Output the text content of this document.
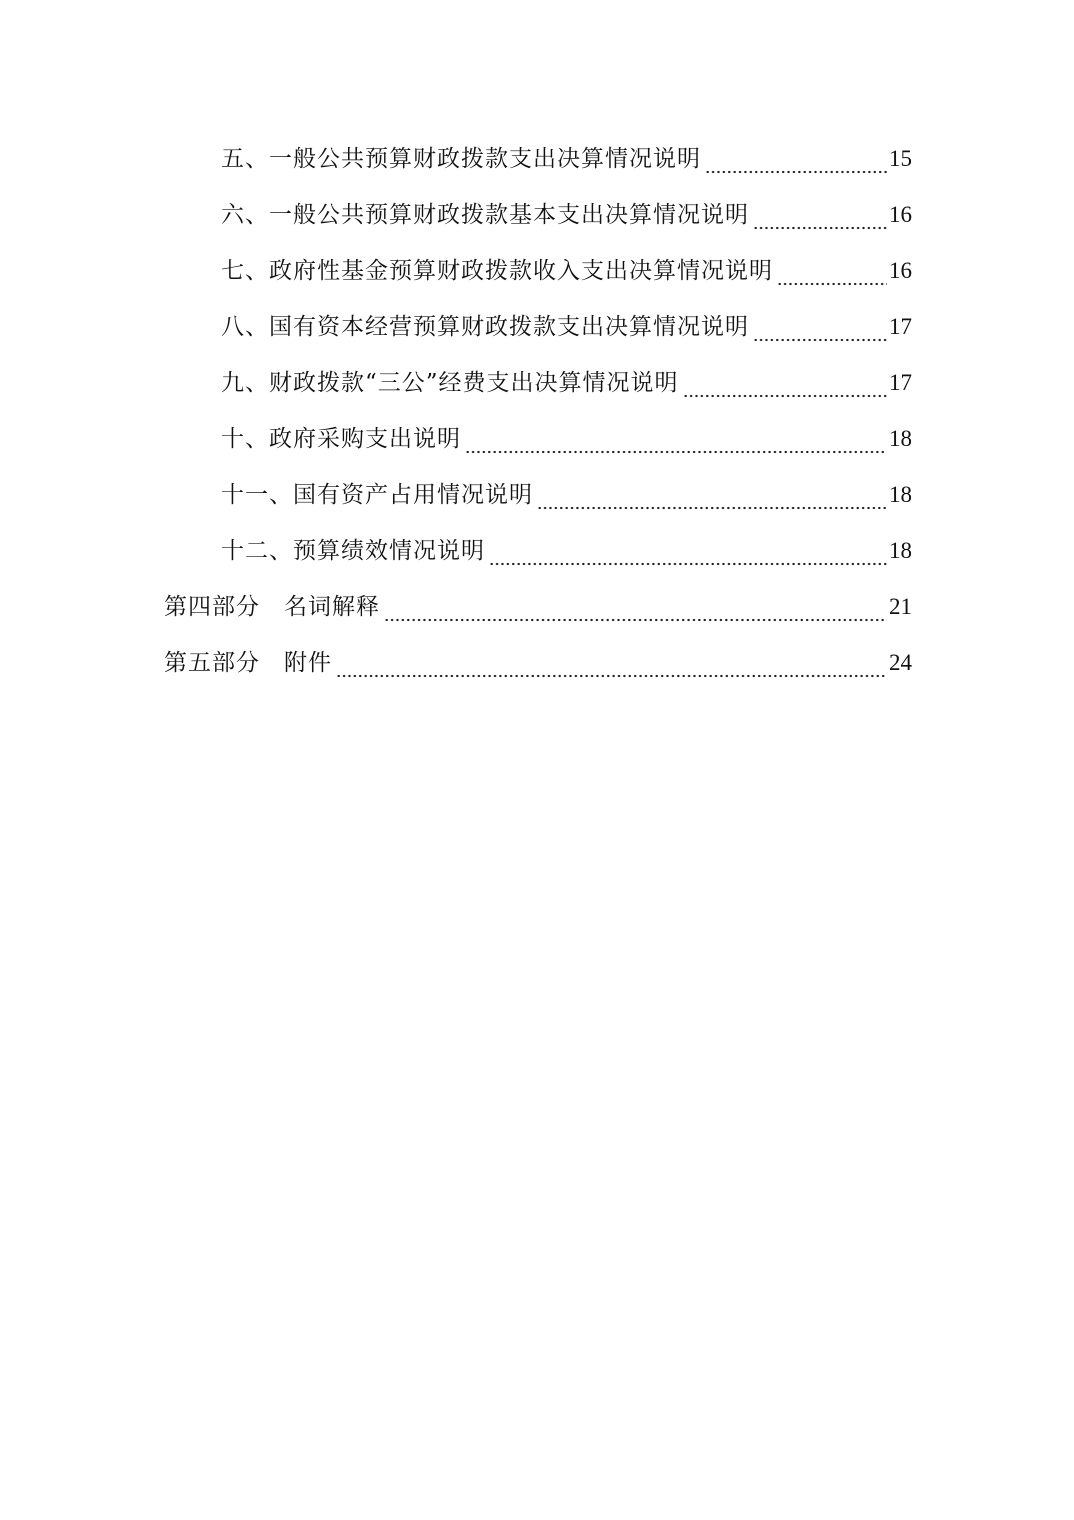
五、一般公共预算财政拨款支出决算情况说明	15
六、一般公共预算财政拨款基本支出决算情况说明	16
七、政府性基金预算财政拨款收入支出决算情况说明	16
八、国有资本经营预算财政拨款支出决算情况说明	17
九、财政拨款“三公”经费支出决算情况说明	17
十、政府采购支出说明	18
十一、国有资产占用情况说明	18
十二、预算绩效情况说明	18
第四部分 名词解释	21
第五部分 附件	24
